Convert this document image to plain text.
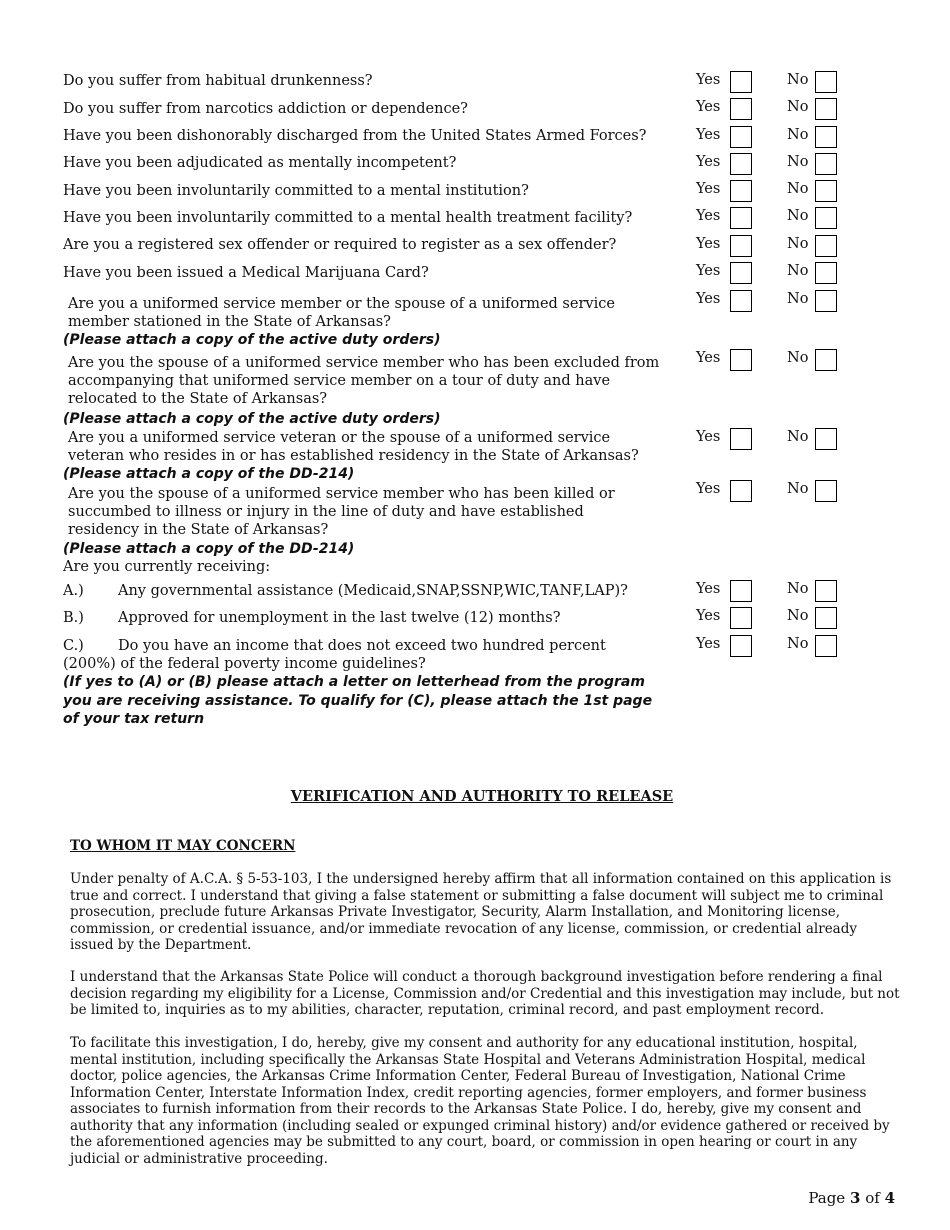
Do you suffer from habitual drunkenness?	Yes	No
Do you suffer from narcotics addiction or dependence?	Yes	No
Have you been dishonorably discharged from the United States Armed Forces?	Yes	No
Have you been adjudicated as mentally incompetent?	Yes	No
Have you been involuntarily committed to a mental institution?	Yes	No
Have you been involuntarily committed to a mental health treatment facility?	Yes	No
Are you a registered sex offender or required to register as a sex offender?	Yes	No
Have you been issued a Medical Marijuana Card?	Yes	No
Are you a uniformed service member or the spouse of a uniformed service member stationed in the State of Arkansas?
(Please attach a copy of the active duty orders)
Yes	No
Are you the spouse of a uniformed service member who has been excluded from accompanying that uniformed service member on a tour of duty and have relocated to the State of Arkansas?
(Please attach a copy of the active duty orders)
Yes	No
Are you a uniformed service veteran or the spouse of a uniformed service veteran who resides in or has established residency in the State of Arkansas?
(Please attach a copy of the DD-214)
Yes	No
Are you the spouse of a uniformed service member who has been killed or succumbed to illness or injury in the line of duty and have established residency in the State of Arkansas?
(Please attach a copy of the DD-214)
Yes	No
Are you currently receiving:
A.) Any governmental assistance (Medicaid,SNAP,SSNP,WIC,TANF,LAP)?	Yes	No
B.) Approved for unemployment in the last twelve (12) months?	Yes	No
C.) Do you have an income that does not exceed two hundred percent (200%) of the federal poverty income guidelines?
Yes	No
(If yes to (A) or (B) please attach a letter on letterhead from the program you are receiving assistance. To qualify for (C), please attach the 1st page of your tax return
VERIFICATION AND AUTHORITY TO RELEASE
TO WHOM IT MAY CONCERN
Under penalty of A.C.A. § 5-53-103, I the undersigned hereby affirm that all information contained on this application is true and correct. I understand that giving a false statement or submitting a false document will subject me to criminal prosecution, preclude future Arkansas Private Investigator, Security, Alarm Installation, and Monitoring license, commission, or credential issuance, and/or immediate revocation of any license, commission, or credential already issued by the Department.
I understand that the Arkansas State Police will conduct a thorough background investigation before rendering a final decision regarding my eligibility for a License, Commission and/or Credential and this investigation may include, but not be limited to, inquiries as to my abilities, character, reputation, criminal record, and past employment record.
To facilitate this investigation, I do, hereby, give my consent and authority for any educational institution, hospital, mental institution, including specifically the Arkansas State Hospital and Veterans Administration Hospital, medical doctor, police agencies, the Arkansas Crime Information Center, Federal Bureau of Investigation, National Crime Information Center, Interstate Information Index, credit reporting agencies, former employers, and former business associates to furnish information from their records to the Arkansas State Police. I do, hereby, give my consent and authority that any information (including sealed or expunged criminal history) and/or evidence gathered or received by the aforementioned agencies may be submitted to any court, board, or commission in open hearing or court in any judicial or administrative proceeding.
Page 3 of 4
